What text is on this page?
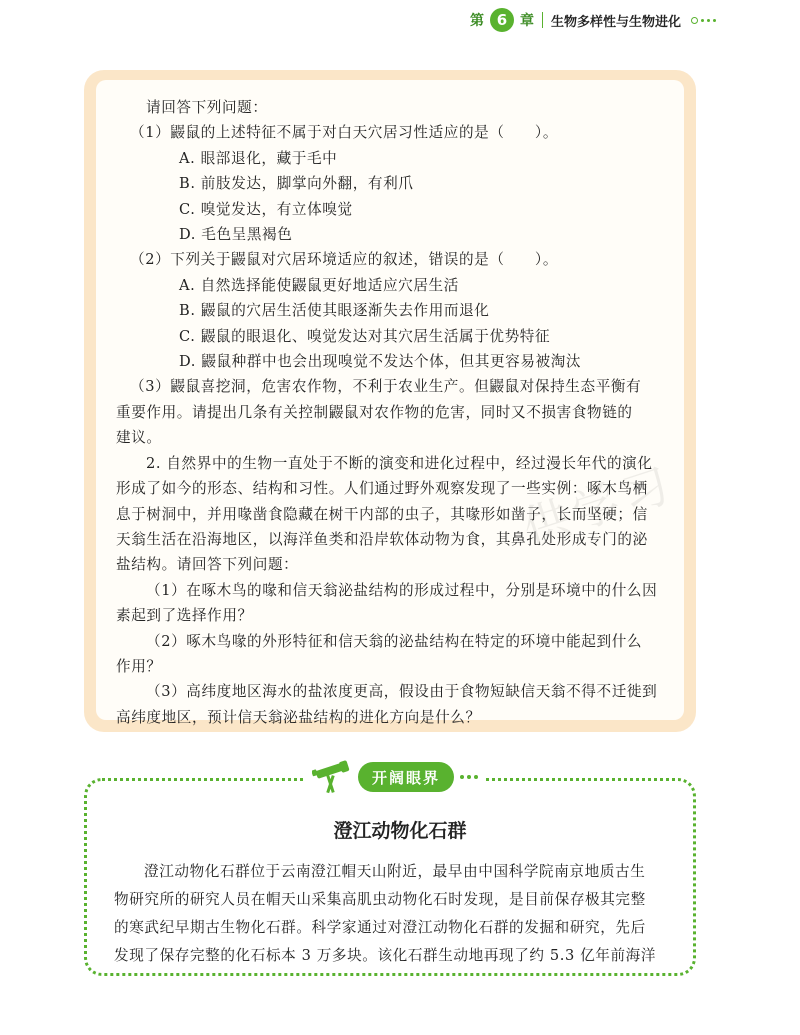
第 6 章 生物多样性与生物进化

请回答下列问题：

（1）鼹鼠的上述特征不属于对白天穴居习性适应的是（　　）。

A. 眼部退化，藏于毛中

B. 前肢发达，脚掌向外翻，有利爪

C. 嗅觉发达，有立体嗅觉

D. 毛色呈黑褐色

（2）下列关于鼹鼠对穴居环境适应的叙述，错误的是（　　）。

A. 自然选择能使鼹鼠更好地适应穴居生活

B. 鼹鼠的穴居生活使其眼逐渐失去作用而退化

C. 鼹鼠的眼退化、嗅觉发达对其穴居生活属于优势特征

D. 鼹鼠种群中也会出现嗅觉不发达个体，但其更容易被淘汰

（3）鼹鼠喜挖洞，危害农作物，不利于农业生产。但鼹鼠对保持生态平衡有

重要作用。请提出几条有关控制鼹鼠对农作物的危害，同时又不损害食物链的

建议。

2. 自然界中的生物一直处于不断的演变和进化过程中，经过漫长年代的演化

形成了如今的形态、结构和习性。人们通过野外观察发现了一些实例：啄木鸟栖

息于树洞中，并用喙凿食隐藏在树干内部的虫子，其喙形如凿子，长而坚硬；信

天翁生活在沿海地区，以海洋鱼类和沿岸软体动物为食，其鼻孔处形成专门的泌

盐结构。请回答下列问题：

（1）在啄木鸟的喙和信天翁泌盐结构的形成过程中，分别是环境中的什么因

素起到了选择作用？

（2）啄木鸟喙的外形特征和信天翁的泌盐结构在特定的环境中能起到什么

作用？

（3）高纬度地区海水的盐浓度更高，假设由于食物短缺信天翁不得不迁徙到

高纬度地区，预计信天翁泌盐结构的进化方向是什么？

开阔眼界
澄江动物化石群

澄江动物化石群位于云南澄江帽天山附近，最早由中国科学院南京地质古生

物研究所的研究人员在帽天山采集高肌虫动物化石时发现，是目前保存极其完整

的寒武纪早期古生物化石群。科学家通过对澄江动物化石群的发掘和研究，先后

发现了保存完整的化石标本 3 万多块。该化石群生动地再现了约 5.3 亿年前海洋
